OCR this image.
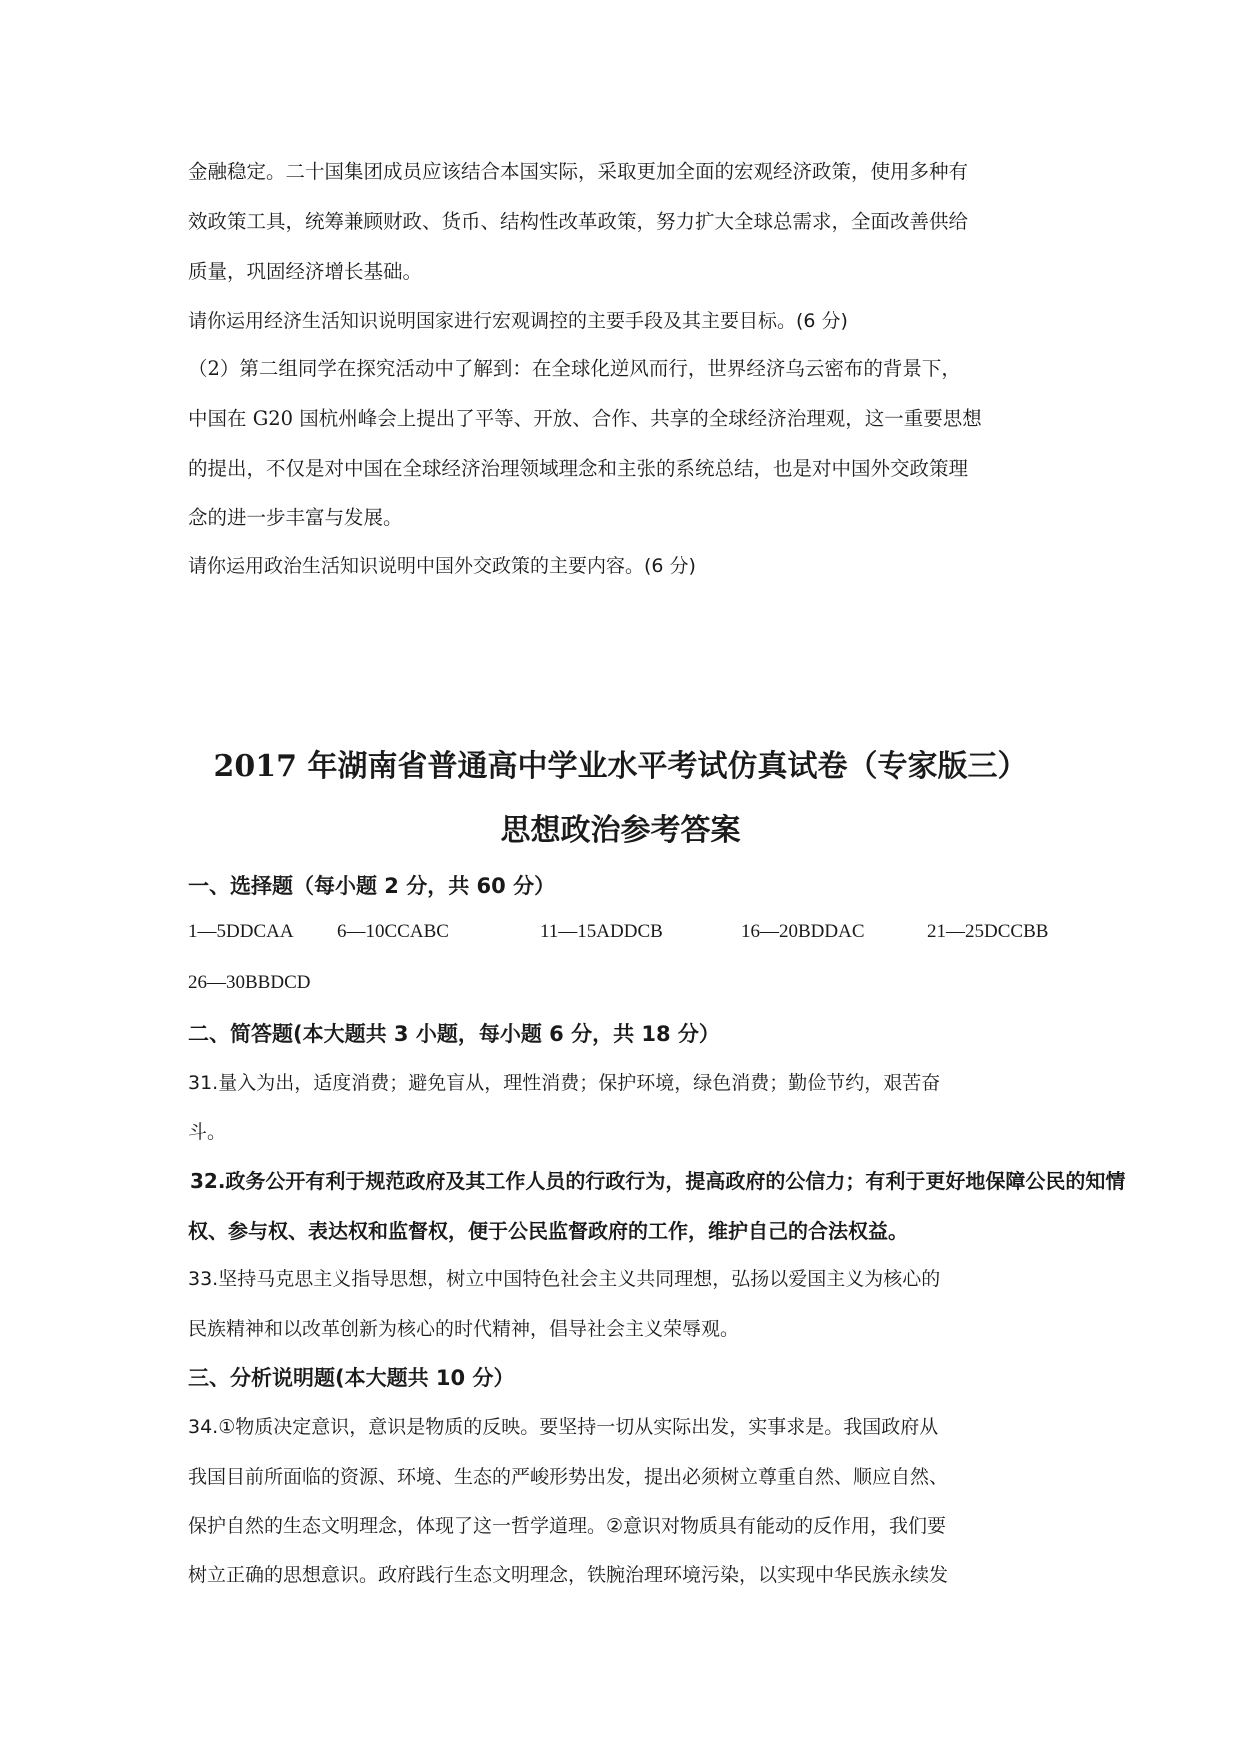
金融稳定。二十国集团成员应该结合本国实际，采取更加全面的宏观经济政策，使用多种有
效政策工具，统筹兼顾财政、货币、结构性改革政策，努力扩大全球总需求，全面改善供给
质量，巩固经济增长基础。
请你运用经济生活知识说明国家进行宏观调控的主要手段及其主要目标。(6 分)
（2）第二组同学在探究活动中了解到：在全球化逆风而行，世界经济乌云密布的背景下，
中国在 G20 国杭州峰会上提出了平等、开放、合作、共享的全球经济治理观，这一重要思想
的提出，不仅是对中国在全球经济治理领域理念和主张的系统总结，也是对中国外交政策理
念的进一步丰富与发展。
请你运用政治生活知识说明中国外交政策的主要内容。(6 分)
2017 年湖南省普通高中学业水平考试仿真试卷（专家版三）
思想政治参考答案
一、选择题（每小题 2 分，共 60 分）
1—5DDCAA 6—10CCABC	11—15ADDCB	16—20BDDAC	21—25DCCBB
26—30BBDCD
二、简答题(本大题共 3 小题，每小题 6 分，共 18 分）
31.量入为出，适度消费；避免盲从，理性消费；保护环境，绿色消费；勤俭节约，艰苦奋
斗。
32.政务公开有利于规范政府及其工作人员的行政行为，提高政府的公信力；有利于更好地保障公民的知情
权、参与权、表达权和监督权，便于公民监督政府的工作，维护自己的合法权益。
33.坚持马克思主义指导思想，树立中国特色社会主义共同理想，弘扬以爱国主义为核心的
民族精神和以改革创新为核心的时代精神，倡导社会主义荣辱观。
三、分析说明题(本大题共 10 分）
34.①物质决定意识，意识是物质的反映。要坚持一切从实际出发，实事求是。我国政府从
我国目前所面临的资源、环境、生态的严峻形势出发，提出必须树立尊重自然、顺应自然、
保护自然的生态文明理念，体现了这一哲学道理。②意识对物质具有能动的反作用，我们要
树立正确的思想意识。政府践行生态文明理念，铁腕治理环境污染，以实现中华民族永续发
